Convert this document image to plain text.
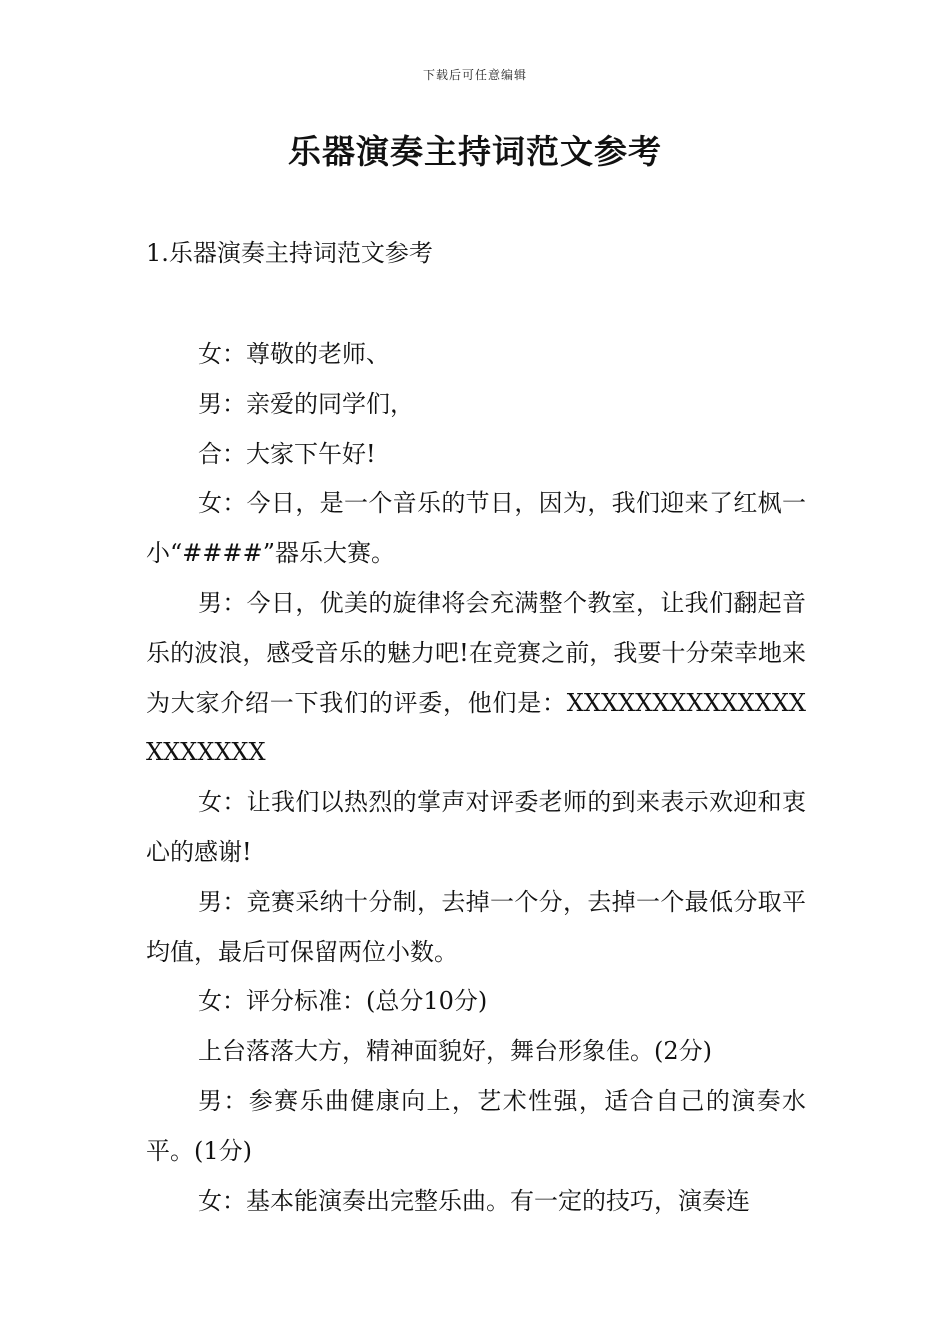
下载后可任意编辑
乐器演奏主持词范文参考
1.乐器演奏主持词范文参考

女：尊敬的老师、

男：亲爱的同学们，

合：大家下午好!

女：今日，是一个音乐的节日，因为，我们迎来了红枫一小“####”器乐大赛。

男：今日，优美的旋律将会充满整个教室，让我们翻起音乐的波浪，感受音乐的魅力吧!在竞赛之前，我要十分荣幸地来为大家介绍一下我们的评委，他们是：XXXXXXXXXXXXXXXXXXXXX

女：让我们以热烈的掌声对评委老师的到来表示欢迎和衷心的感谢!

男：竞赛采纳十分制，去掉一个分，去掉一个最低分取平均值，最后可保留两位小数。

女：评分标准：(总分10分)

上台落落大方，精神面貌好，舞台形象佳。(2分)

男：参赛乐曲健康向上，艺术性强，适合自己的演奏水平。(1分)

女：基本能演奏出完整乐曲。有一定的技巧，演奏连
